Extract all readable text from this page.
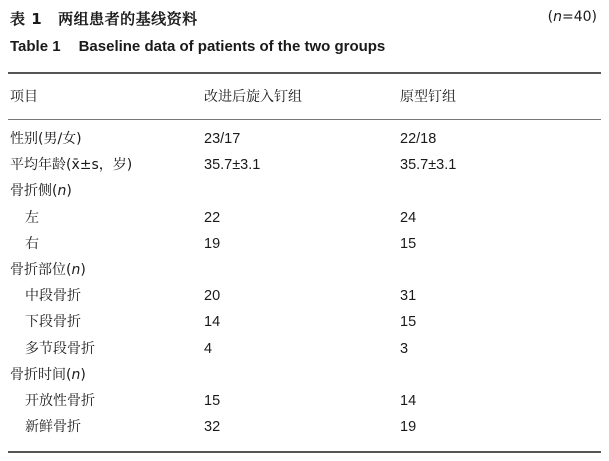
表 1 两组患者的基线资料	(n=40)
Table 1 Baseline data of patients of the two groups
项目	改进后旋入钉组	原型钉组
性别(男/女)	23/17	22/18
平均年龄(x̄±s，岁)	35.7±3.1	35.7±3.1
骨折侧(n)
左	22	24
右	19	15
骨折部位(n)
中段骨折	20	31
下段骨折	14	15
多节段骨折	4	3
骨折时间(n)
开放性骨折	15	14
新鲜骨折	32	19
